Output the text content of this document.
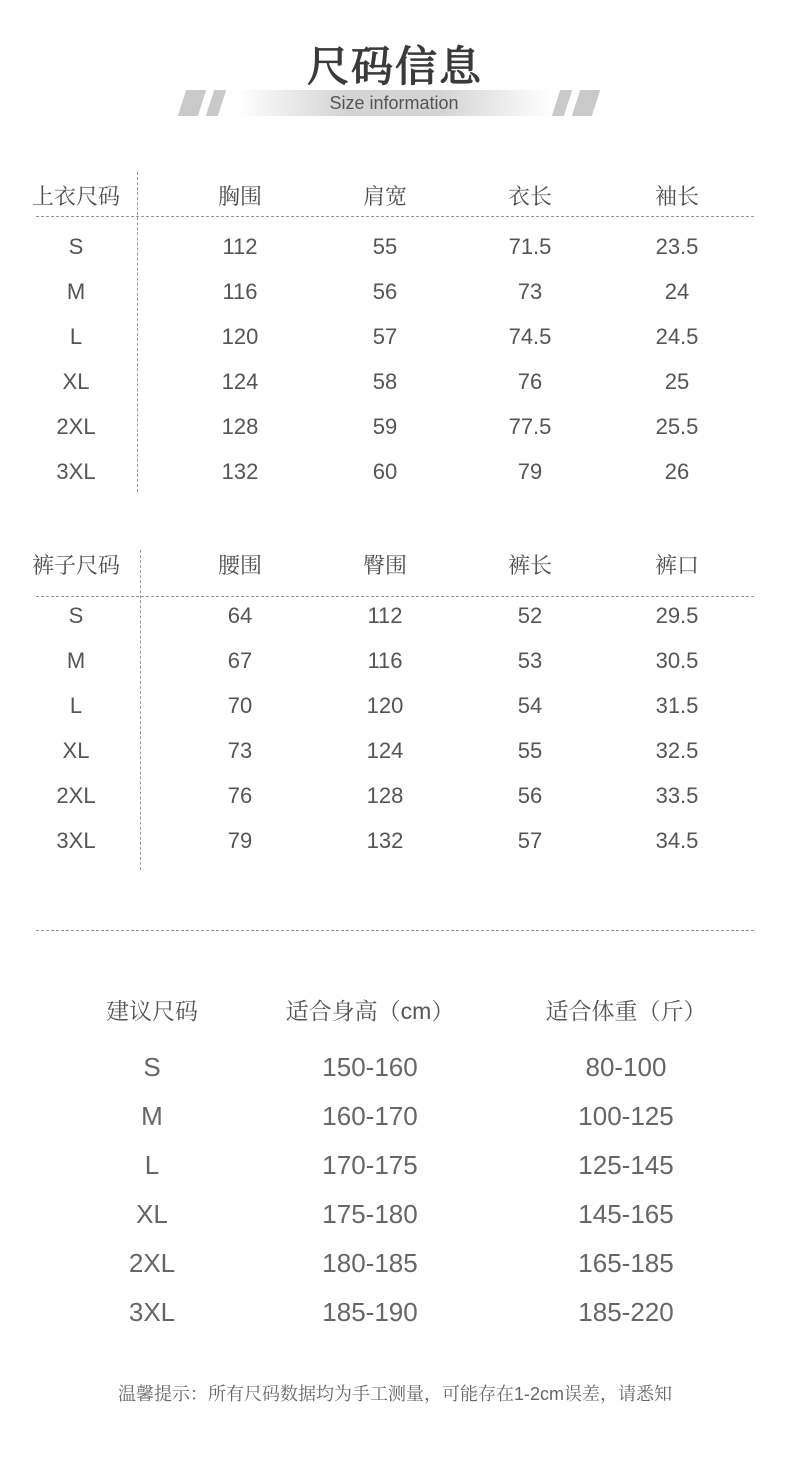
尺码信息
Size information
上衣尺码	胸围	肩宽	衣长	袖长
S	112	55	71.5	23.5
M	116	56	73	24
L	120	57	74.5	24.5
XL	124	58	76	25
2XL	128	59	77.5	25.5
3XL	132	60	79	26
裤子尺码	腰围	臀围	裤长	裤口
S	64	112	52	29.5
M	67	116	53	30.5
L	70	120	54	31.5
XL	73	124	55	32.5
2XL	76	128	56	33.5
3XL	79	132	57	34.5
建议尺码	适合身高（cm）	适合体重（斤）
S	150-160	80-100
M	160-170	100-125
L	170-175	125-145
XL	175-180	145-165
2XL	180-185	165-185
3XL	185-190	185-220
温馨提示：所有尺码数据均为手工测量，可能存在1-2cm误差，请悉知
